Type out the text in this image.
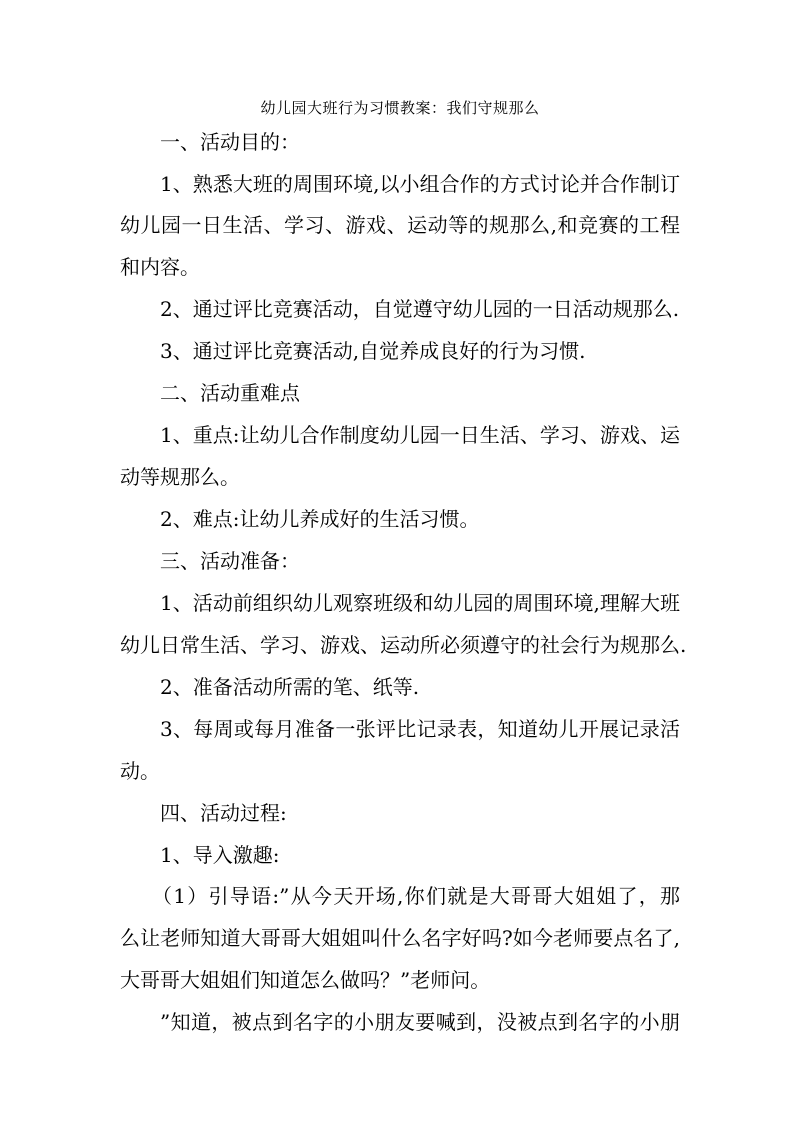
幼儿园大班行为习惯教案：我们守规那么
一、活动目的：
1、熟悉大班的周围环境,以小组合作的方式讨论并合作制订
幼儿园一日生活、学习、游戏、运动等的规那么,和竞赛的工程
和内容。
2、通过评比竞赛活动，自觉遵守幼儿园的一日活动规那么.
3、通过评比竞赛活动,自觉养成良好的行为习惯.
二、活动重难点
1、重点:让幼儿合作制度幼儿园一日生活、学习、游戏、运
动等规那么。
2、难点:让幼儿养成好的生活习惯。
三、活动准备：
1、活动前组织幼儿观察班级和幼儿园的周围环境,理解大班
幼儿日常生活、学习、游戏、运动所必须遵守的社会行为规那么.
2、准备活动所需的笔、纸等.
3、每周或每月准备一张评比记录表，知道幼儿开展记录活
动。
四、活动过程:
1、导入激趣:
（1）引导语:”从今天开场,你们就是大哥哥大姐姐了，那
么让老师知道大哥哥大姐姐叫什么名字好吗?如今老师要点名了,
大哥哥大姐姐们知道怎么做吗？”老师问。
”知道，被点到名字的小朋友要喊到，没被点到名字的小朋
